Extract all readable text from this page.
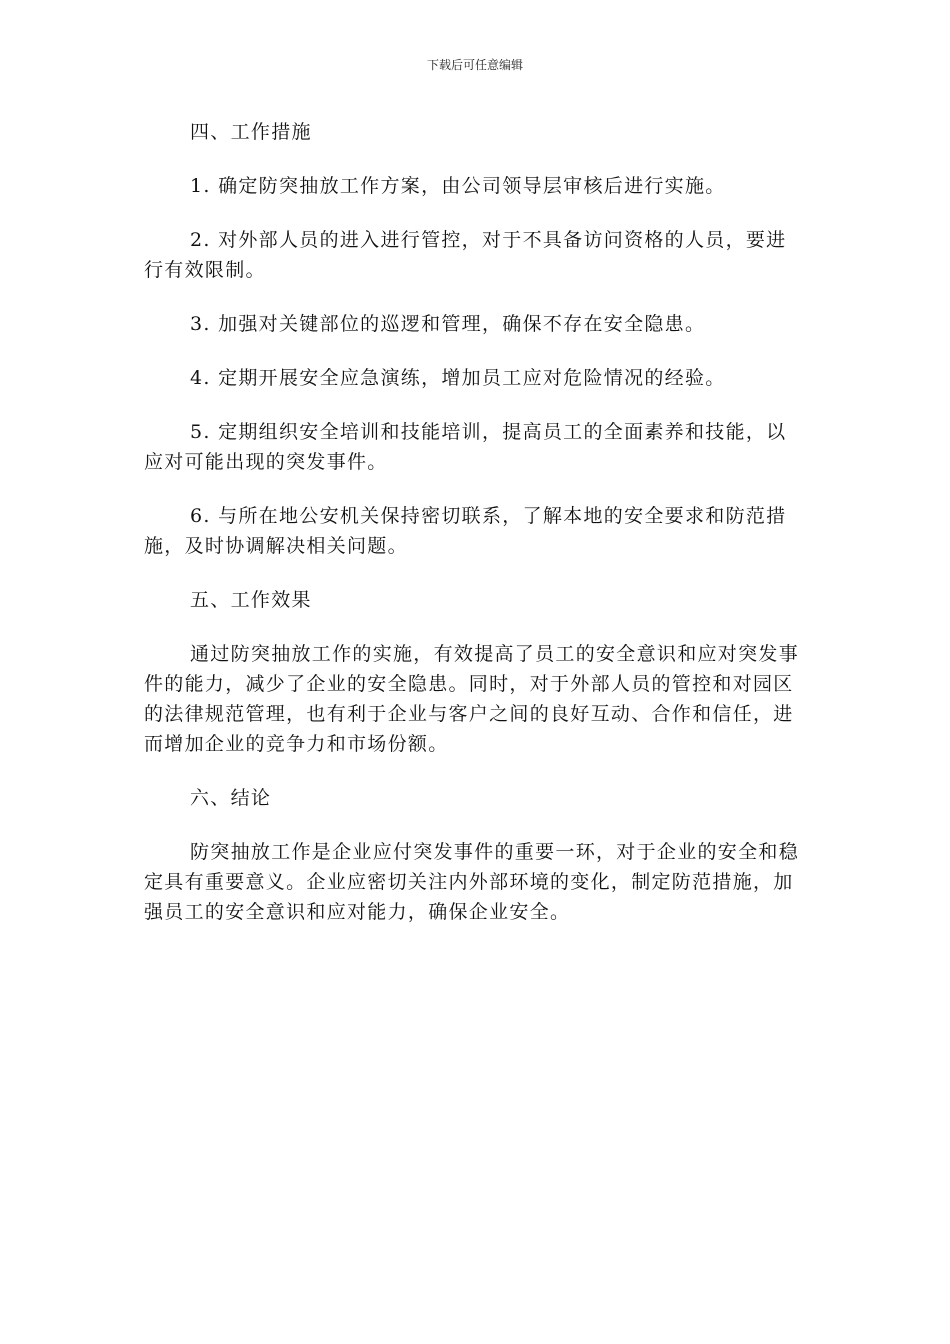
下载后可任意编辑

四、工作措施

1. 确定防突抽放工作方案，由公司领导层审核后进行实施。

2. 对外部人员的进入进行管控，对于不具备访问资格的人员，要进行有效限制。

3. 加强对关键部位的巡逻和管理，确保不存在安全隐患。

4. 定期开展安全应急演练，增加员工应对危险情况的经验。

5. 定期组织安全培训和技能培训，提高员工的全面素养和技能，以应对可能出现的突发事件。

6. 与所在地公安机关保持密切联系，了解本地的安全要求和防范措施，及时协调解决相关问题。

五、工作效果

通过防突抽放工作的实施，有效提高了员工的安全意识和应对突发事件的能力，减少了企业的安全隐患。同时，对于外部人员的管控和对园区的法律规范管理，也有利于企业与客户之间的良好互动、合作和信任，进而增加企业的竞争力和市场份额。

六、结论

防突抽放工作是企业应付突发事件的重要一环，对于企业的安全和稳定具有重要意义。企业应密切关注内外部环境的变化，制定防范措施，加强员工的安全意识和应对能力，确保企业安全。
